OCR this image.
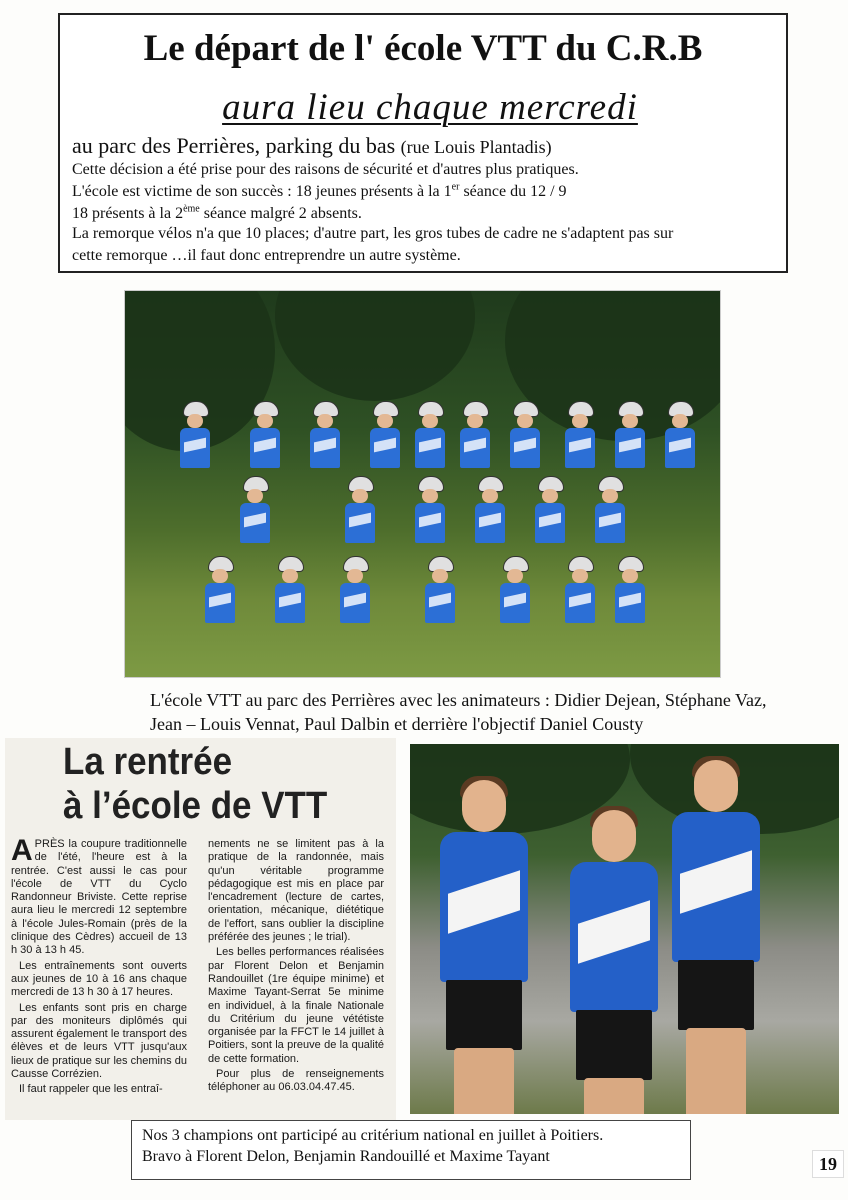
Le départ de l' école VTT du C.R.B
aura lieu chaque mercredi
au parc des Perrières, parking du bas (rue Louis Plantadis)
Cette décision a été prise pour des raisons de sécurité et d'autres plus pratiques.
L'école est victime de son succès : 18 jeunes présents à la 1er séance du 12 / 9
18 présents à la 2ème séance malgré 2 absents.
La remorque vélos n'a que 10 places; d'autre part, les gros tubes de cadre ne s'adaptent pas sur
cette remorque …il faut donc entreprendre un autre système.
L'école VTT au parc des Perrières avec les animateurs : Didier Dejean, Stéphane Vaz,
Jean – Louis Vennat, Paul Dalbin et derrière l'objectif Daniel Cousty
La rentrée
à l’école de VTT

APRÈS la coupure traditionnelle de l'été, l'heure est à la rentrée. C'est aussi le cas pour l'école de VTT du Cyclo Randonneur Briviste. Cette reprise aura lieu le mercredi 12 septembre à l'école Jules-Romain (près de la clinique des Cèdres) accueil de 13 h 30 à 13 h 45.

Les entraînements sont ouverts aux jeunes de 10 à 16 ans chaque mercredi de 13 h 30 à 17 heures.

Les enfants sont pris en charge par des moniteurs diplômés qui assurent également le transport des élèves et de leurs VTT jusqu'aux lieux de pratique sur les chemins du Causse Corrézien.

Il faut rappeler que les entraî-

nements ne se limitent pas à la pratique de la randonnée, mais qu'un véritable programme pédagogique est mis en place par l'encadrement (lecture de cartes, orientation, mécanique, diététique de l'effort, sans oublier la discipline préférée des jeunes ; le trial).

Les belles performances réalisées par Florent Delon et Benjamin Randouillet (1re équipe minime) et Maxime Tayant-Serrat 5e minime en individuel, à la finale Nationale du Critérium du jeune vététiste organisée par la FFCT le 14 juillet à Poitiers, sont la preuve de la qualité de cette formation.

Pour plus de renseignements téléphoner au 06.03.04.47.45.

Nos 3 champions ont participé au critérium national en juillet à Poitiers.
Bravo à Florent Delon, Benjamin Randouillé et Maxime Tayant	19
